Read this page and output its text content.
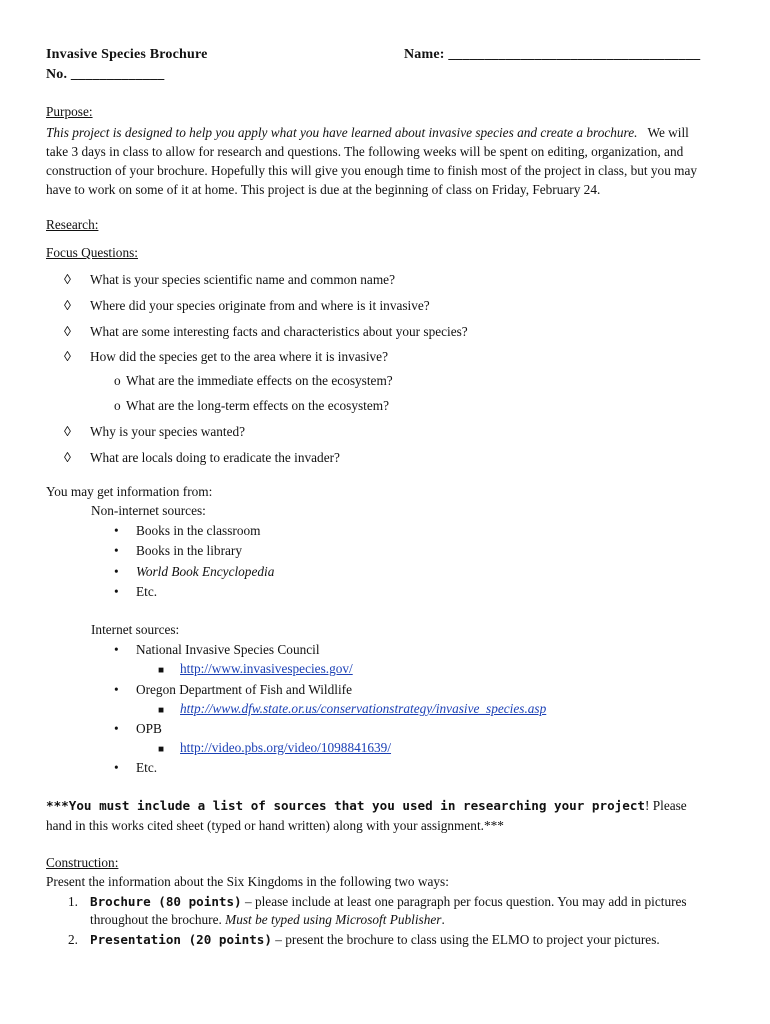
Invasive Species Brochure	Name: ___________________________________
No. _____________
Purpose:
This project is designed to help you apply what you have learned about invasive species and create a brochure. We will take 3 days in class to allow for research and questions. The following weeks will be spent on editing, organization, and construction of your brochure. Hopefully this will give you enough time to finish most of the project in class, but you may have to work on some of it at home. This project is due at the beginning of class on Friday, February 24.
Research:
Focus Questions:
◊ What is your species scientific name and common name?
◊ Where did your species originate from and where is it invasive?
◊ What are some interesting facts and characteristics about your species?
◊ How did the species get to the area where it is invasive?
o What are the immediate effects on the ecosystem?
o What are the long-term effects on the ecosystem?
◊ Why is your species wanted?
◊ What are locals doing to eradicate the invader?
You may get information from:
Non-internet sources:
• Books in the classroom
• Books in the library
• World Book Encyclopedia
• Etc.
Internet sources:
• National Invasive Species Council
■ http://www.invasivespecies.gov/
• Oregon Department of Fish and Wildlife
■ http://www.dfw.state.or.us/conservationstrategy/invasive_species.asp
• OPB
■ http://video.pbs.org/video/1098841639/
• Etc.
***You must include a list of sources that you used in researching your project! Please hand in this works cited sheet (typed or hand written) along with your assignment.***
Construction:
Present the information about the Six Kingdoms in the following two ways:
1. Brochure (80 points) – please include at least one paragraph per focus question. You may add in pictures throughout the brochure. Must be typed using Microsoft Publisher.
2. Presentation (20 points) – present the brochure to class using the ELMO to project your pictures.
